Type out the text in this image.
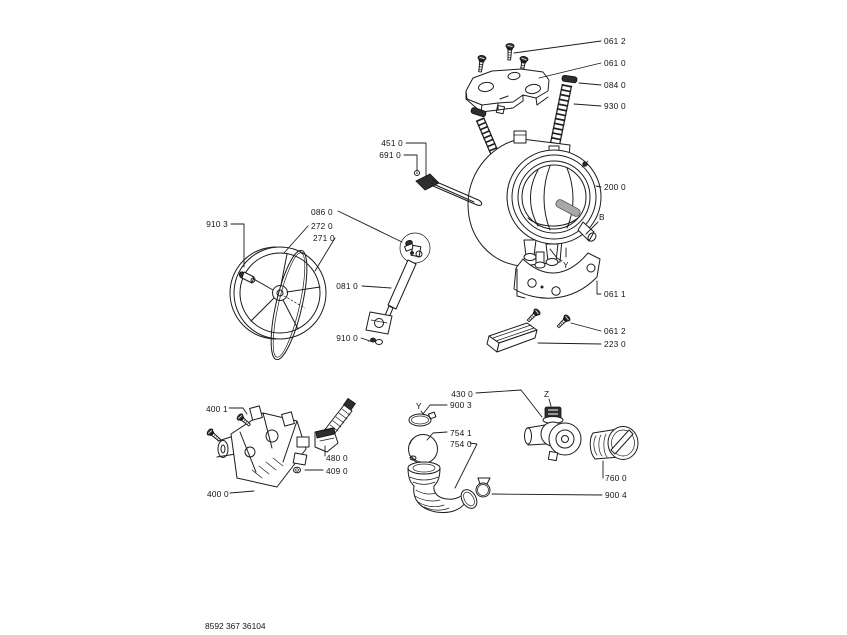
061 2
061 0
084 0
930 0
200 0
B
451 0
691 0
910 3
086 0
272 0
271 0
081 0
910 0
061 1
061 2
223 0
430 0	Z
Y	900 3
754 1
754 0
900 4
760 0
400 1
480 0
409 0
400 0
Y
8592 367 36104
